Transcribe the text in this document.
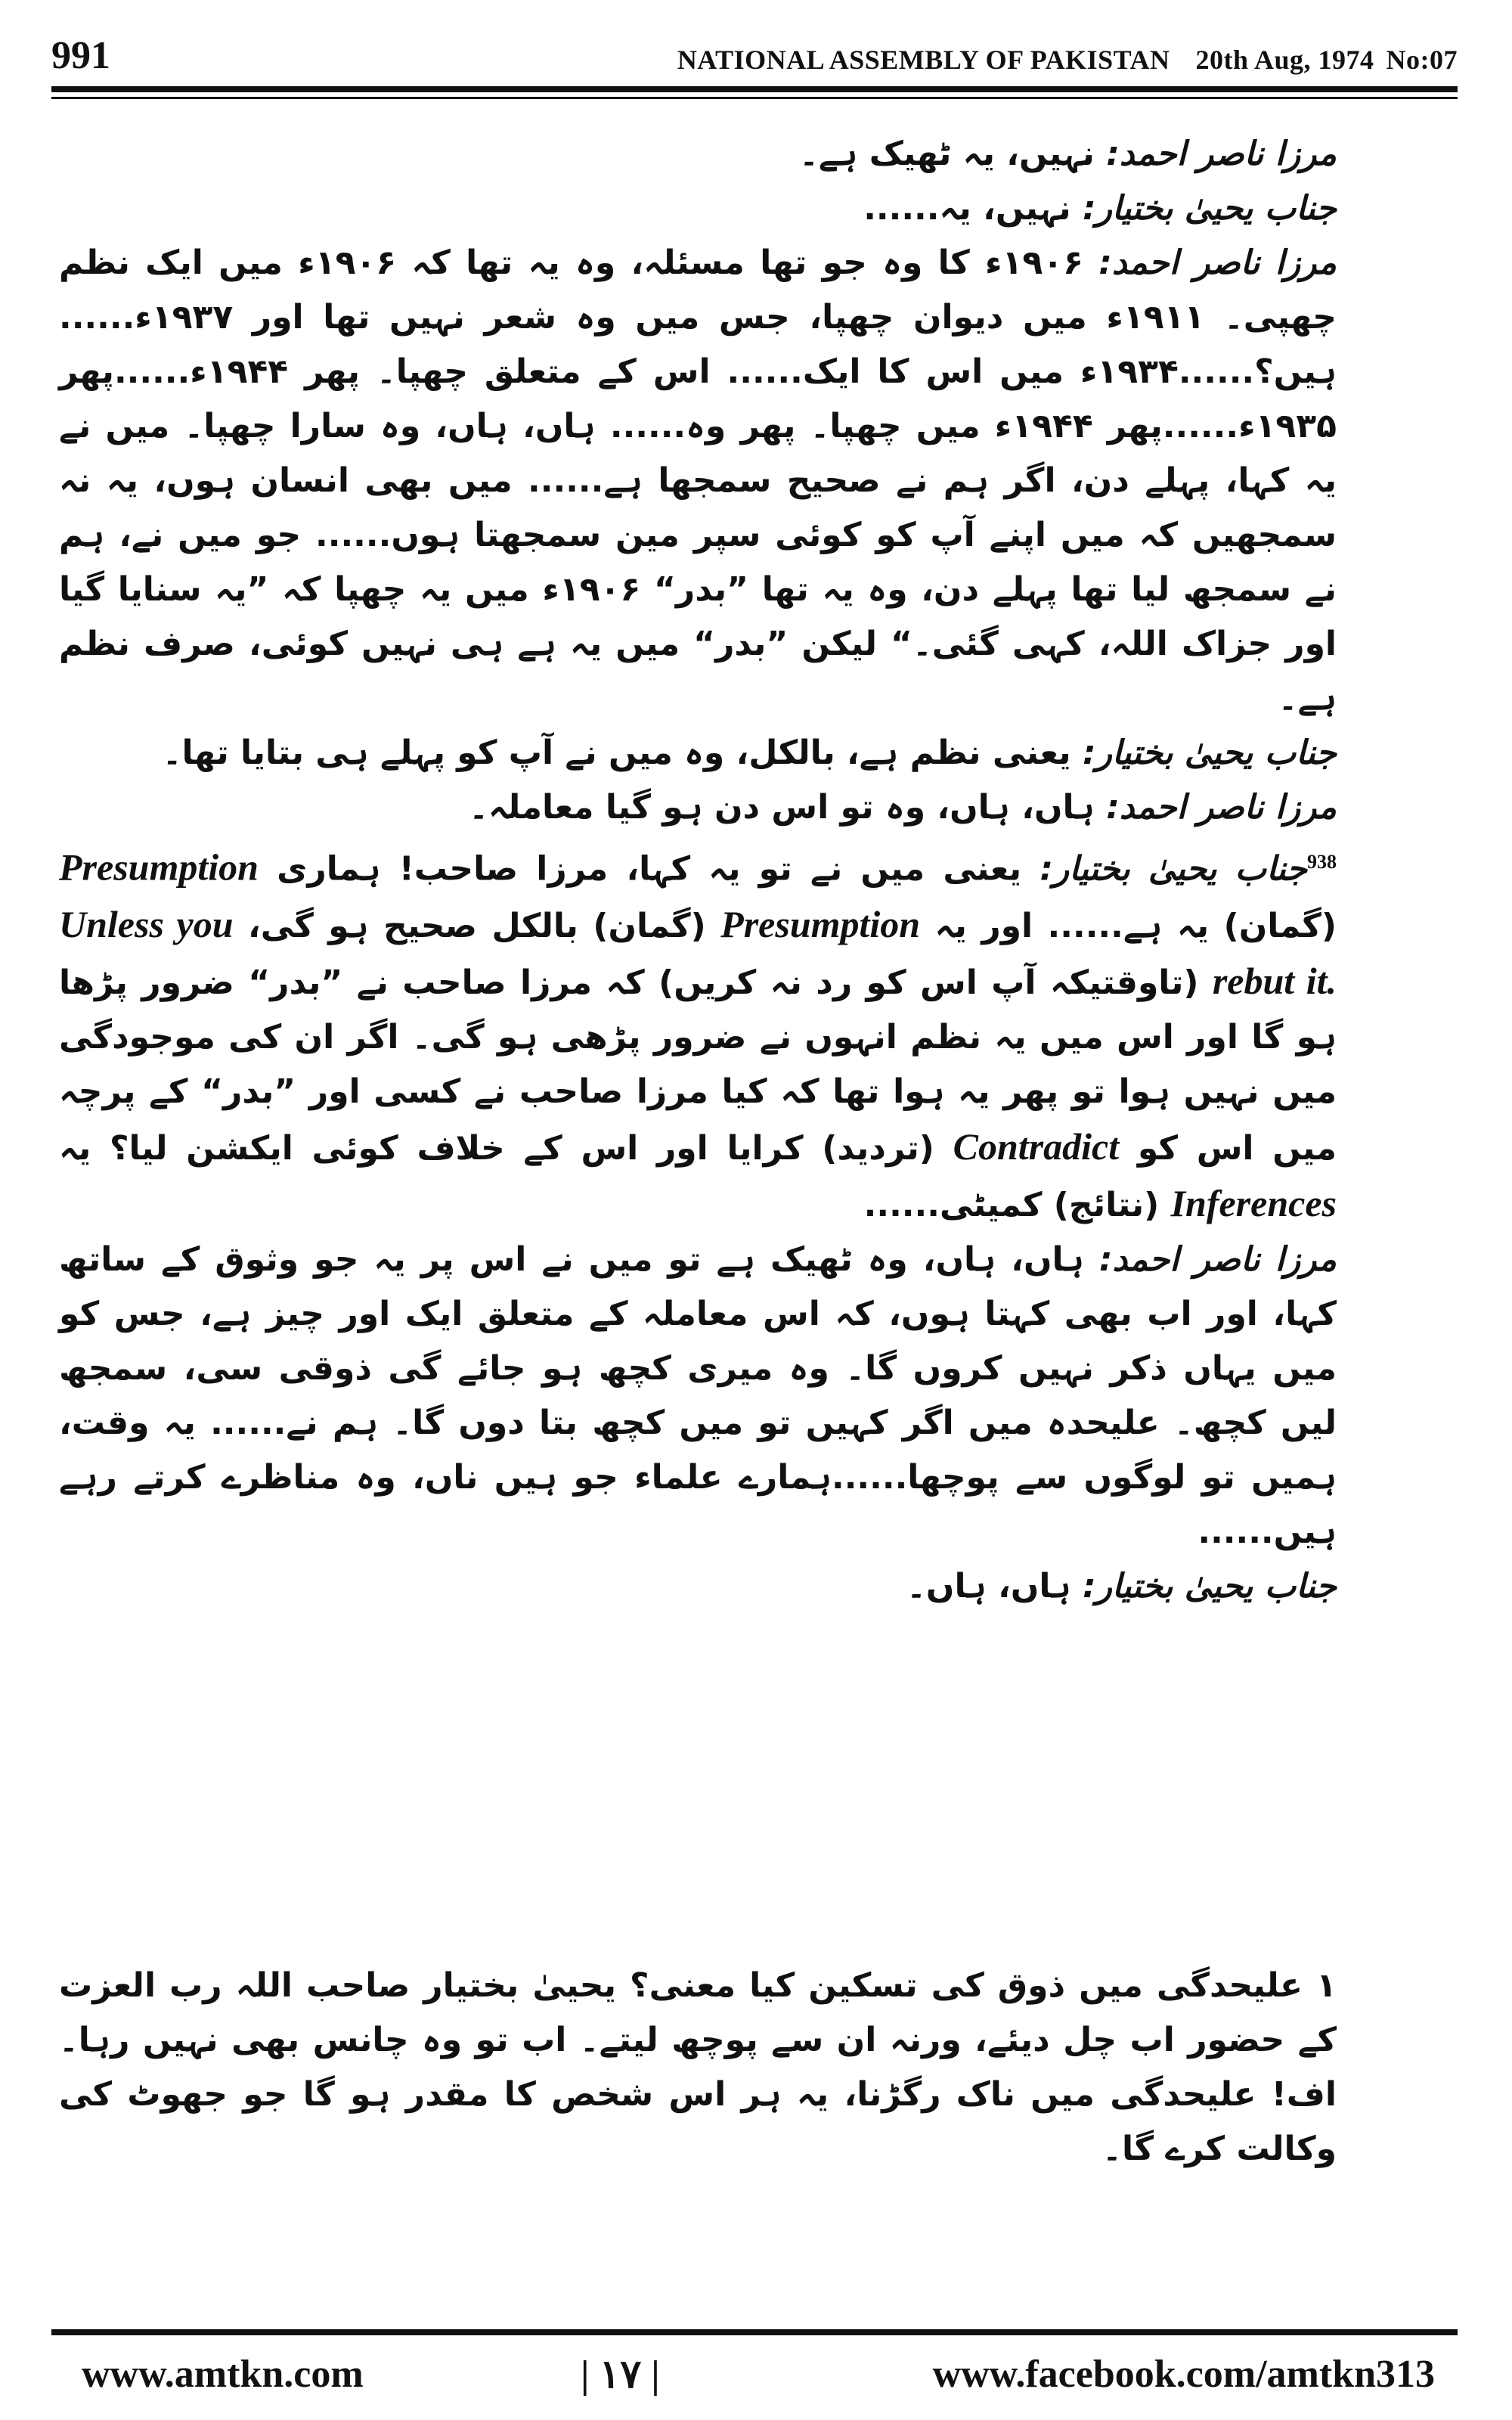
991	NATIONAL ASSEMBLY OF PAKISTAN 20th Aug, 1974 No:07

مرزا ناصر احمد: نہیں، یہ ٹھیک ہے۔

جناب یحییٰ بختیار: نہیں، یہ......

مرزا ناصر احمد: ۱۹۰۶ء کا وہ جو تھا مسئلہ، وہ یہ تھا کہ ۱۹۰۶ء میں ایک نظم چھپی۔ ۱۹۱۱ء میں دیوان چھپا، جس میں وہ شعر نہیں تھا اور ۱۹۳۷ء...... ہیں؟......۱۹۳۴ء میں اس کا ایک...... اس کے متعلق چھپا۔ پھر ۱۹۴۴ء......پھر ۱۹۳۵ء......پھر ۱۹۴۴ء میں چھپا۔ پھر وہ...... ہاں، ہاں، وہ سارا چھپا۔ میں نے یہ کہا، پہلے دن، اگر ہم نے صحیح سمجھا ہے...... میں بھی انسان ہوں، یہ نہ سمجھیں کہ میں اپنے آپ کو کوئی سپر مین سمجھتا ہوں...... جو میں نے، ہم نے سمجھ لیا تھا پہلے دن، وہ یہ تھا ”بدر“ ۱۹۰۶ء میں یہ چھپا کہ ”یہ سنایا گیا اور جزاک اللہ، کہی گئی۔“ لیکن ”بدر“ میں یہ ہے ہی نہیں کوئی، صرف نظم ہے۔

جناب یحییٰ بختیار: یعنی نظم ہے، بالکل، وہ میں نے آپ کو پہلے ہی بتایا تھا۔

مرزا ناصر احمد: ہاں، ہاں، وہ تو اس دن ہو گیا معاملہ۔

$^{938}$جناب یحییٰ بختیار: یعنی میں نے تو یہ کہا، مرزا صاحب! ہماری Presumption (گمان) یہ ہے...... اور یہ Presumption (گمان) بالکل صحیح ہو گی، Unless you rebut it. (تاوقتیکہ آپ اس کو رد نہ کریں) کہ مرزا صاحب نے ”بدر“ ضرور پڑھا ہو گا اور اس میں یہ نظم انہوں نے ضرور پڑھی ہو گی۔ اگر ان کی موجودگی میں نہیں ہوا تو پھر یہ ہوا تھا کہ کیا مرزا صاحب نے کسی اور ”بدر“ کے پرچہ میں اس کو Contradict (تردید) کرایا اور اس کے خلاف کوئی ایکشن لیا؟ یہ Inferences (نتائج) کمیٹی......

مرزا ناصر احمد: ہاں، ہاں، وہ ٹھیک ہے تو میں نے اس پر یہ جو وثوق کے ساتھ کہا، اور اب بھی کہتا ہوں، کہ اس معاملہ کے متعلق ایک اور چیز ہے، جس کو میں یہاں ذکر نہیں کروں گا۔ وہ میری کچھ ہو جائے گی ذوقی سی، سمجھ لیں کچھ۔ علیحدہ میں اگر کہیں تو میں کچھ بتا دوں گا۔ ہم نے...... یہ وقت، ہمیں تو لوگوں سے پوچھا......ہمارے علماء جو ہیں ناں، وہ مناظرے کرتے رہے ہیں......

جناب یحییٰ بختیار: ہاں، ہاں۔

۱ علیحدگی میں ذوق کی تسکین کیا معنی؟ یحییٰ بختیار صاحب اللہ رب العزت کے حضور اب چل دیئے، ورنہ ان سے پوچھ لیتے۔ اب تو وہ چانس بھی نہیں رہا۔ اف! علیحدگی میں ناک رگڑنا، یہ ہر اس شخص کا مقدر ہو گا جو جھوٹ کی وکالت کرے گا۔

www.amtkn.com	| ۱۷ |	www.facebook.com/amtkn313
